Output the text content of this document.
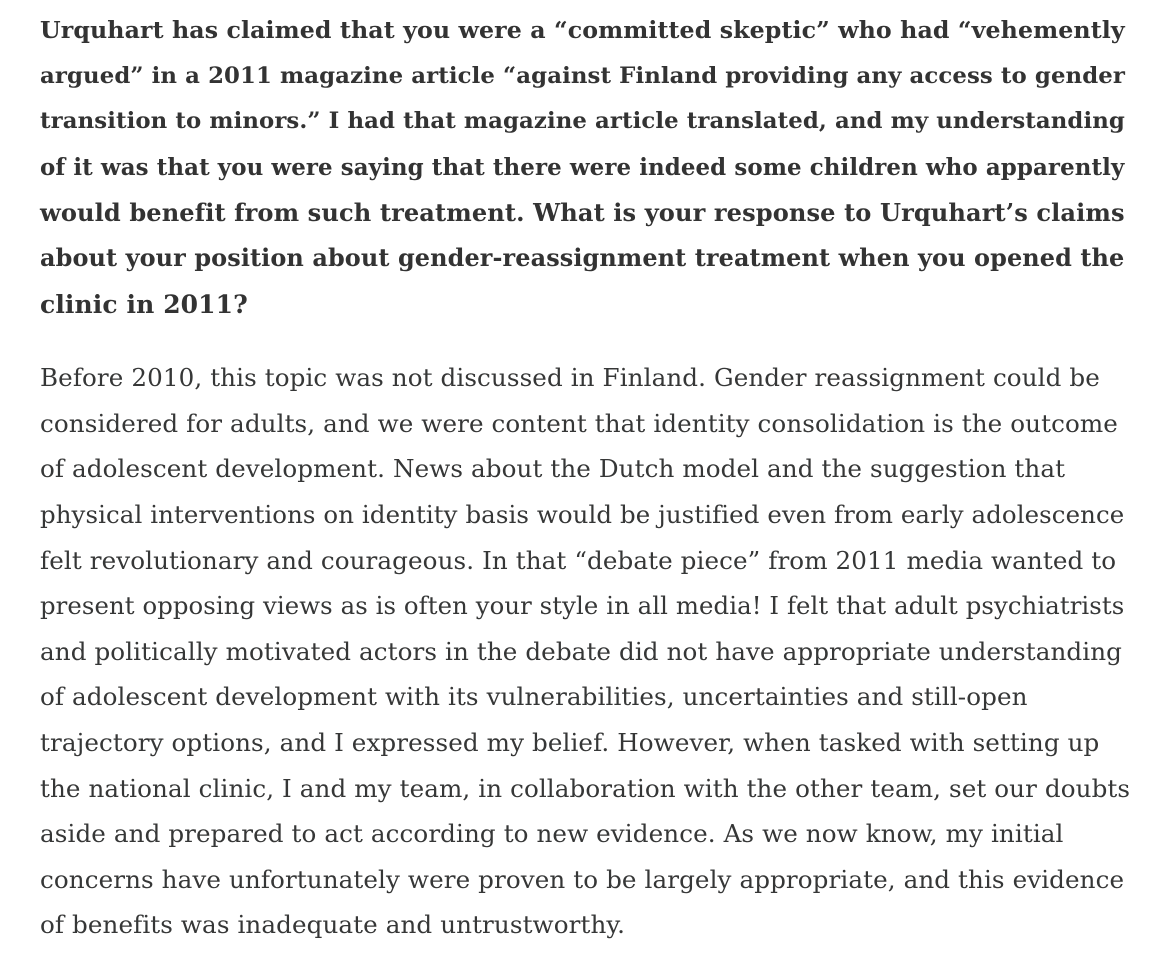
Urquhart has claimed that you were a “committed skeptic” who had “vehemently
argued” in a 2011 magazine article “against Finland providing any access to gender
transition to minors.” I had that magazine article translated, and my understanding
of it was that you were saying that there were indeed some children who apparently
would benefit from such treatment. What is your response to Urquhart’s claims
about your position about gender-reassignment treatment when you opened the
clinic in 2011?

Before 2010, this topic was not discussed in Finland. Gender reassignment could be
considered for adults, and we were content that identity consolidation is the outcome
of adolescent development. News about the Dutch model and the suggestion that
physical interventions on identity basis would be justified even from early adolescence
felt revolutionary and courageous. In that “debate piece” from 2011 media wanted to
present opposing views as is often your style in all media! I felt that adult psychiatrists
and politically motivated actors in the debate did not have appropriate understanding
of adolescent development with its vulnerabilities, uncertainties and still-open
trajectory options, and I expressed my belief. However, when tasked with setting up
the national clinic, I and my team, in collaboration with the other team, set our doubts
aside and prepared to act according to new evidence. As we now know, my initial
concerns have unfortunately were proven to be largely appropriate, and this evidence
of benefits was inadequate and untrustworthy.
